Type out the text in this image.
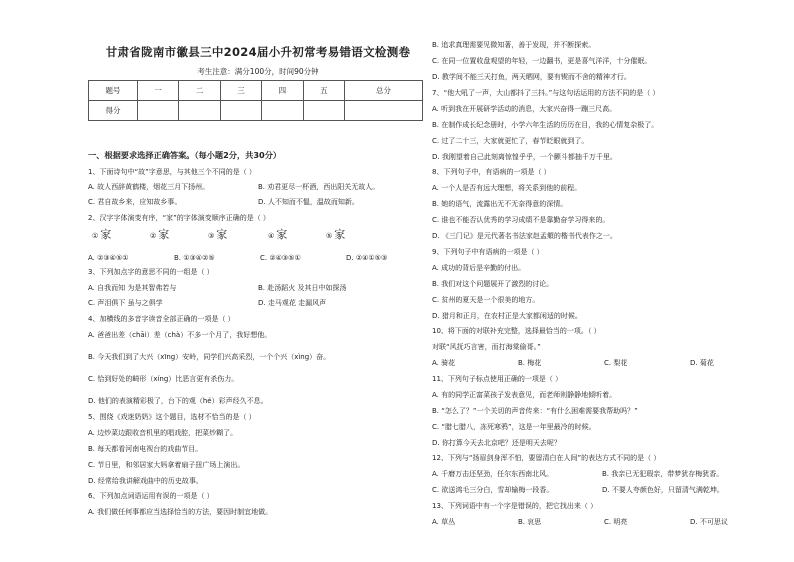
甘肃省陇南市徽县三中2024届小升初常考易错语文检测卷
考生注意：满分100分，时间90分钟
题号	一	二	三	四	五	总分
得分						
一、根据要求选择正确答案。（每小题2分，共30分）
1、下面诗句中“故”字意思，与其他三个不同的是（ ）
A. 故人西辞黄鹤楼，烟花三月下扬州。	B. 劝君更尽一杯酒，西出阳关无故人。
C. 君自故乡来，应知故乡事。	D. 人不知而不愠，温故而知新。
2、汉字字体演变有序，“家”的字体演变顺序正确的是（ ）
① 家	② 家	③ 家	④ 家	⑤ 家
A. ②③④⑤①	B. ①③④②⑤	C. ②④③⑤①	D. ②④①⑤③
3、下列加点字的意思不同的一组是（ ）
A. 自我而知 为是其智弗若与	B. 赴汤蹈火 及其日中如探汤
C. 声泪俱下 虽与之俱学	D. 走马观花 走漏风声
4、加横线的多音字读音全部正确的一项是（ ）
A. 爸爸出差（chāi）差（chà）不多一个月了，我好想他。
B. 今天我们到了大兴（xīng）安岭，同学们兴高采烈，一个个兴（xìng）奋。
C. 恰到好处的畸形（xíng）比恶言更有杀伤力。
D. 他们的表演精彩极了，台下的观（hé）彩声经久不息。
5、围绕《戏迷奶奶》这个题目，选材不恰当的是（ ）
A. 边炒菜边跟收音机里的唱戏腔，把菜炒糊了。
B. 每天都看河南电视台的戏曲节目。
C. 节日里，和邻居家大妈拿着扇子扭广场上演出。
D. 经常给我讲解戏曲中的历史故事。
6、下列加点词语运用有误的一项是（ ）
A. 我们做任何事都应当选择恰当的方法，要因时制宜地做。
B. 追求真理需要见微知著，善于发现，并不断探索。
C. 在同一位置收盘观望的年轻，一边翻书，更是喜气洋洋，十分催眠。
D. 教学间不能三天打鱼，两天晒网，要有锲而不舍的精神才行。
7、“他大吼了一声，大山都抖了三抖。”与这句话运用的方法不同的是（ ）
A. 听到我在开展研学活动的消息，大家兴奋得一蹦三尺高。
B. 在制作成长纪念册时，小学六年生活的历历在目，我的心情复杂极了。
C. 过了二十三，大家就更忙了，春节眨眼就到了。
D. 我刚望着自己此刻离惊惶乎乎，一个颤斗都抽千万千里。
8、下列句子中，有语病的一项是（ ）
A. 一个人是否有远大理想，将关系到他的前程。
B. 她的语气，流露出无不无奈得意的深情。
C. 谁也不能否认优秀的学习成绩不是靠勤奋学习得来的。
D. 《三门记》是元代著名书法家赵孟頫的楷书代表作之一。
9、下列句子中有语病的一项是（ ）
A. 成功的背后是辛勤的付出。
B. 我们对这个问题展开了激烈的讨论。
C. 贫州的夏天是一个很美的地方。
D. 猎月和正月，在农村正是大家都闲适的时候。
10、将下面的对联补充完整，选择最恰当的一项。（ ）
对联“风抚巧言害，而打海棠偷哥。”
A. 骑花	B. 梅花	C. 梨花	D. 菊花
11、下列句子标点使用正确的一项是（ ）
A. 有的同学正富菜孩子发表意见，而老师则静静地倾听着。
B. “怎么了？”一个关切的声音传来：“有什么困难需要我帮助吗？”
C. “腊七腊八，冻死寒鸦”，这是一年里最冷的时候。
D. 你打算今天去北京吧？还是明天去呢？
12、下列与“扬眉剑身浑不怕，要留清白在人间”的表达方式不同的是（ ）
A. 千磨万击还坚劲，任尔东西南北风。	B. 我亲已无犯瑕亲，带梦犹存梅犹香。
C. 欲送鸿毛三分白，雪却输梅一段香。	D. 不要人夸颜色好，只留清气满乾坤。
13、下列词语中有一个字是错误的，把它找出来（ ）
A. 草丛	B. 哀思	C. 明亮	D. 不可思议
